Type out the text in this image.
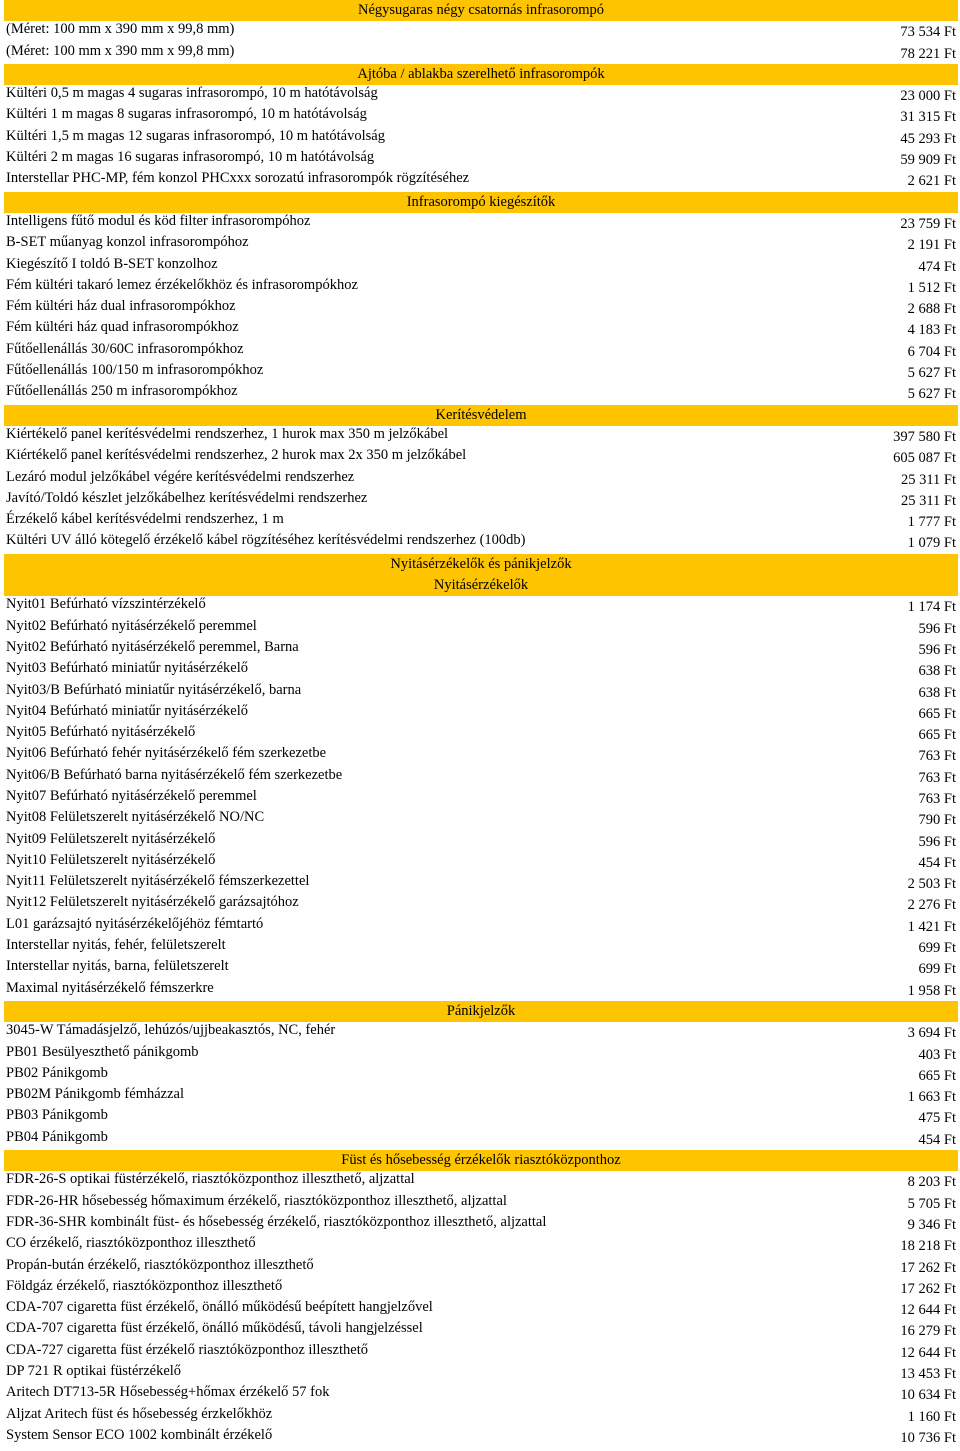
Négysugaras négy csatornás infrasorompó
(Méret: 100 mm x 390 mm x 99,8 mm)	73 534 Ft
(Méret: 100 mm x 390 mm x 99,8 mm)	78 221 Ft
Ajtóba / ablakba szerelhető infrasorompók
Kültéri 0,5 m magas 4 sugaras infrasorompó, 10 m hatótávolság	23 000 Ft
Kültéri 1 m magas 8 sugaras infrasorompó, 10 m hatótávolság	31 315 Ft
Kültéri 1,5 m magas 12 sugaras infrasorompó, 10 m hatótávolság	45 293 Ft
Kültéri 2 m magas 16 sugaras infrasorompó, 10 m hatótávolság	59 909 Ft
Interstellar PHC-MP, fém konzol PHCxxx sorozatú infrasorompók rögzítéséhez	2 621 Ft
Infrasorompó kiegészítők
Intelligens fűtő modul és köd filter infrasorompóhoz	23 759 Ft
B-SET műanyag konzol infrasorompóhoz	2 191 Ft
Kiegészítő I toldó B-SET konzolhoz	474 Ft
Fém kültéri takaró lemez érzékelőkhöz és infrasorompókhoz	1 512 Ft
Fém kültéri ház dual infrasorompókhoz	2 688 Ft
Fém kültéri ház quad infrasorompókhoz	4 183 Ft
Fűtőellenállás 30/60C infrasorompókhoz	6 704 Ft
Fűtőellenállás 100/150 m infrasorompókhoz	5 627 Ft
Fűtőellenállás 250 m infrasorompókhoz	5 627 Ft
Kerítésvédelem
Kiértékelő panel kerítésvédelmi rendszerhez, 1 hurok max 350 m jelzőkábel	397 580 Ft
Kiértékelő panel kerítésvédelmi rendszerhez, 2 hurok max 2x 350 m jelzőkábel	605 087 Ft
Lezáró modul jelzőkábel végére kerítésvédelmi rendszerhez	25 311 Ft
Javító/Toldó készlet jelzőkábelhez kerítésvédelmi rendszerhez	25 311 Ft
Érzékelő kábel kerítésvédelmi rendszerhez, 1 m	1 777 Ft
Kültéri UV álló kötegelő érzékelő kábel rögzítéséhez kerítésvédelmi rendszerhez (100db)	1 079 Ft
Nyitásérzékelők és pánikjelzők
Nyitásérzékelők
Nyit01 Befúrható vízszintérzékelő	1 174 Ft
Nyit02 Befúrható nyitásérzékelő peremmel	596 Ft
Nyit02 Befúrható nyitásérzékelő peremmel, Barna	596 Ft
Nyit03 Befúrható miniatűr nyitásérzékelő	638 Ft
Nyit03/B Befúrható miniatűr nyitásérzékelő, barna	638 Ft
Nyit04 Befúrható miniatűr nyitásérzékelő	665 Ft
Nyit05 Befúrható nyitásérzékelő	665 Ft
Nyit06 Befúrható fehér nyitásérzékelő fém szerkezetbe	763 Ft
Nyit06/B Befúrható barna nyitásérzékelő fém szerkezetbe	763 Ft
Nyit07 Befúrható nyitásérzékelő peremmel	763 Ft
Nyit08 Felületszerelt nyitásérzékelő NO/NC	790 Ft
Nyit09 Felületszerelt nyitásérzékelő	596 Ft
Nyit10 Felületszerelt nyitásérzékelő	454 Ft
Nyit11 Felületszerelt nyitásérzékelő fémszerkezettel	2 503 Ft
Nyit12 Felületszerelt nyitásérzékelő garázsajtóhoz	2 276 Ft
L01 garázsajtó nyitásérzékelőjéhöz fémtartó	1 421 Ft
Interstellar nyitás, fehér, felületszerelt	699 Ft
Interstellar nyitás, barna, felületszerelt	699 Ft
Maximal nyitásérzékelő fémszerkre	1 958 Ft
Pánikjelzők
3045-W Támadásjelző, lehúzós/ujjbeakasztós, NC, fehér	3 694 Ft
PB01 Besülyeszthető pánikgomb	403 Ft
PB02 Pánikgomb	665 Ft
PB02M Pánikgomb fémházzal	1 663 Ft
PB03 Pánikgomb	475 Ft
PB04 Pánikgomb	454 Ft
Füst és hősebesség érzékelők riasztóközponthoz
FDR-26-S optikai füstérzékelő, riasztóközponthoz illeszthető, aljzattal	8 203 Ft
FDR-26-HR hősebesség hőmaximum érzékelő, riasztóközponthoz illeszthető, aljzattal	5 705 Ft
FDR-36-SHR kombinált füst- és hősebesség érzékelő, riasztóközponthoz illeszthető, aljzattal	9 346 Ft
CO érzékelő, riasztóközponthoz illeszthető	18 218 Ft
Propán-bután érzékelő, riasztóközponthoz illeszthető	17 262 Ft
Földgáz érzékelő, riasztóközponthoz illeszthető	17 262 Ft
CDA-707 cigaretta füst érzékelő, önálló működésű beépített hangjelzővel	12 644 Ft
CDA-707 cigaretta füst érzékelő, önálló működésű, távoli hangjelzéssel	16 279 Ft
CDA-727 cigaretta füst érzékelő riasztóközponthoz illeszthető	12 644 Ft
DP 721 R optikai füstérzékelő	13 453 Ft
Aritech DT713-5R Hősebesség+hőmax érzékelő 57 fok	10 634 Ft
Aljzat Aritech füst és hősebesség érzkelőkhöz	1 160 Ft
System Sensor ECO 1002 kombinált érzékelő	10 736 Ft
